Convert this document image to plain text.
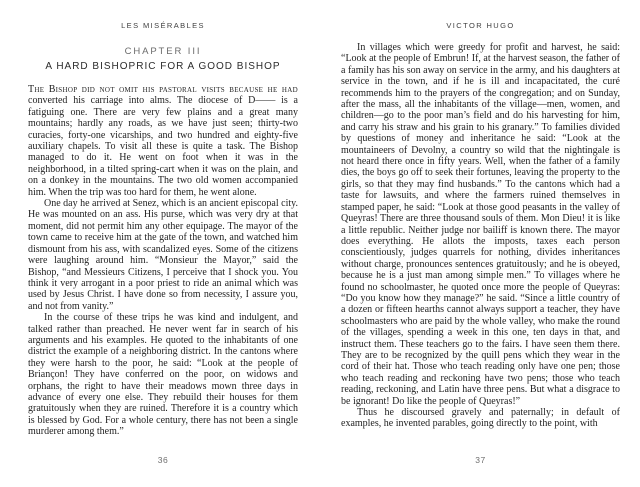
LES MISÉRABLES
CHAPTER III
A HARD BISHOPRIC FOR A GOOD BISHOP

The Bishop did not omit his pastoral visits because he had converted his carriage into alms. The diocese of D—— is a fatiguing one. There are very few plains and a great many mountains; hardly any roads, as we have just seen; thirty-two curacies, forty-one vicarships, and two hundred and eighty-five auxiliary chapels. To visit all these is quite a task. The Bishop managed to do it. He went on foot when it was in the neighborhood, in a tilted spring-cart when it was on the plain, and on a donkey in the mountains. The two old women accompanied him. When the trip was too hard for them, he went alone.

One day he arrived at Senez, which is an ancient episcopal city. He was mounted on an ass. His purse, which was very dry at that moment, did not permit him any other equipage. The mayor of the town came to receive him at the gate of the town, and watched him dismount from his ass, with scandalized eyes. Some of the citizens were laughing around him. “Monsieur the Mayor,” said the Bishop, “and Messieurs Citizens, I perceive that I shock you. You think it very arrogant in a poor priest to ride an animal which was used by Jesus Christ. I have done so from necessity, I assure you, and not from vanity.”

In the course of these trips he was kind and indulgent, and talked rather than preached. He never went far in search of his arguments and his examples. He quoted to the inhabitants of one district the example of a neighboring district. In the cantons where they were harsh to the poor, he said: “Look at the people of Briançon! They have conferred on the poor, on widows and orphans, the right to have their meadows mown three days in advance of every one else. They rebuild their houses for them gratuitously when they are ruined. Therefore it is a country which is blessed by God. For a whole century, there has not been a single murderer among them.”

36
VICTOR HUGO

In villages which were greedy for profit and harvest, he said: “Look at the people of Embrun! If, at the harvest season, the father of a family has his son away on service in the army, and his daughters at service in the town, and if he is ill and incapacitated, the curé recommends him to the prayers of the congregation; and on Sunday, after the mass, all the inhabitants of the village—men, women, and children—go to the poor man’s field and do his harvesting for him, and carry his straw and his grain to his granary.” To families divided by questions of money and inheritance he said: “Look at the mountaineers of Devolny, a country so wild that the nightingale is not heard there once in fifty years. Well, when the father of a family dies, the boys go off to seek their fortunes, leaving the property to the girls, so that they may find husbands.” To the cantons which had a taste for lawsuits, and where the farmers ruined themselves in stamped paper, he said: “Look at those good peasants in the valley of Queyras! There are three thousand souls of them. Mon Dieu! it is like a little republic. Neither judge nor bailiff is known there. The mayor does everything. He allots the imposts, taxes each person conscientiously, judges quarrels for nothing, divides inheritances without charge, pronounces sentences gratuitously; and he is obeyed, because he is a just man among simple men.” To villages where he found no schoolmaster, he quoted once more the people of Queyras: “Do you know how they manage?” he said. “Since a little country of a dozen or fifteen hearths cannot always support a teacher, they have schoolmasters who are paid by the whole valley, who make the round of the villages, spending a week in this one, ten days in that, and instruct them. These teachers go to the fairs. I have seen them there. They are to be recognized by the quill pens which they wear in the cord of their hat. Those who teach reading only have one pen; those who teach reading and reckoning have two pens; those who teach reading, reckoning, and Latin have three pens. But what a disgrace to be ignorant! Do like the people of Queyras!”

Thus he discoursed gravely and paternally; in default of examples, he invented parables, going directly to the point, with

37
